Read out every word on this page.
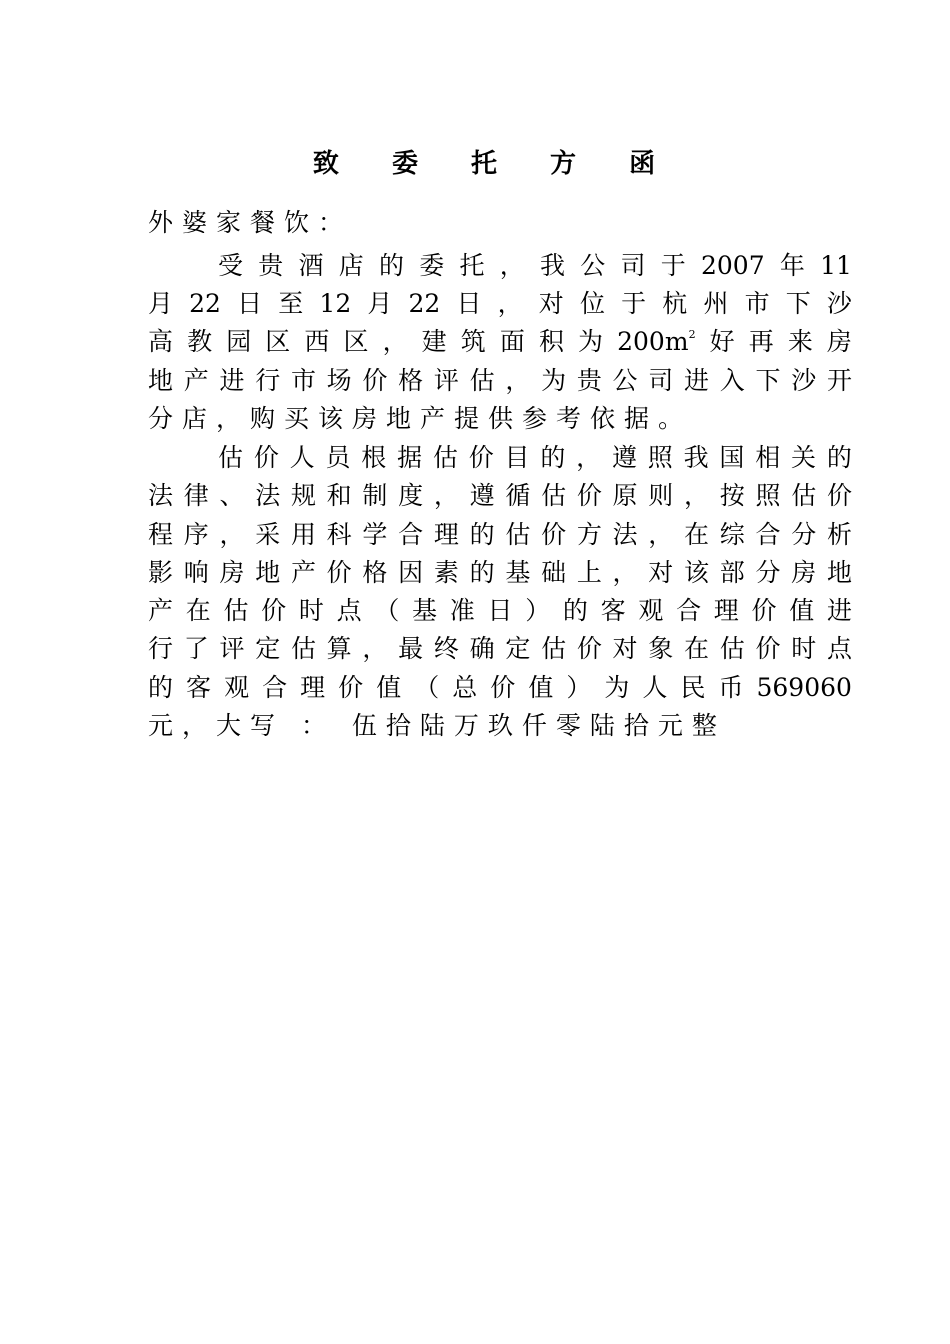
致 委 托 方 函
外婆家餐饮：
受 贵 酒 店 的 委 托 ， 我 公 司 于 2007 年 11
月 22 日 至 12 月 22 日 ， 对 位 于 杭 州 市 下 沙
高 教 园 区 西 区 ， 建 筑 面 积 为 $200m^2$ 好 再 来 房
地 产 进 行 市 场 价 格 评 估 ， 为 贵 公 司 进 入 下 沙 开
分店，购买该房地产提供参考依据。
估 价 人 员 根 据 估 价 目 的 ， 遵 照 我 国 相 关 的
法 律 、 法 规 和 制 度 ， 遵 循 估 价 原 则 ， 按 照 估 价
程 序 ， 采 用 科 学 合 理 的 估 价 方 法 ， 在 综 合 分 析
影 响 房 地 产 价 格 因 素 的 基 础 上 ， 对 该 部 分 房 地
产 在 估 价 时 点 （ 基 准 日 ） 的 客 观 合 理 价 值 进
行 了 评 定 估 算 ， 最 终 确 定 估 价 对 象 在 估 价 时 点
的 客 观 合 理 价 值 （ 总 价 值 ） 为 人 民 币 569060
元，大写 ： 伍拾陆万玖仟零陆拾元整
